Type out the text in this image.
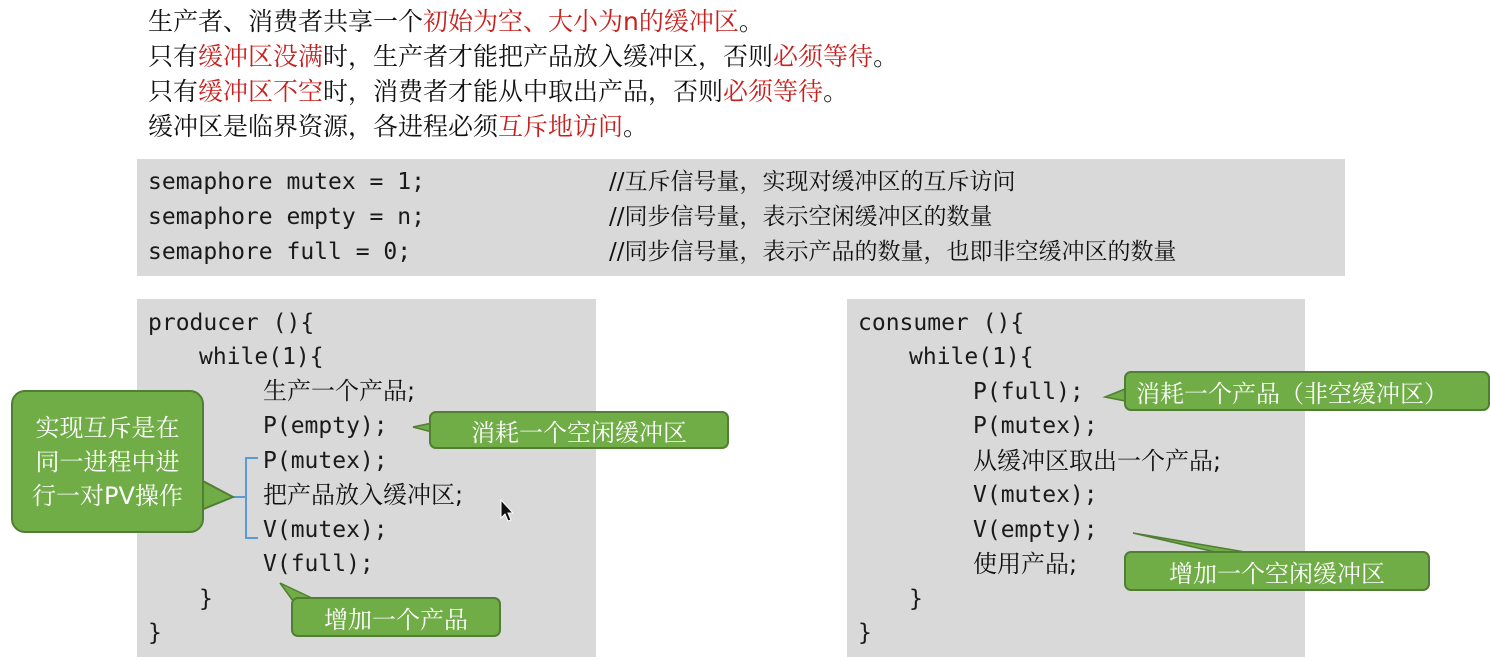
生产者、消费者共享一个初始为空、大小为n的缓冲区。
只有缓冲区没满时，生产者才能把产品放入缓冲区，否则必须等待。
只有缓冲区不空时，消费者才能从中取出产品，否则必须等待。
缓冲区是临界资源，各进程必须互斥地访问。
semaphore mutex = 1;	//互斥信号量，实现对缓冲区的互斥访问
semaphore empty = n;	//同步信号量，表示空闲缓冲区的数量
semaphore full = 0;	//同步信号量，表示产品的数量，也即非空缓冲区的数量
producer (){
while(1){
生产一个产品;
P(empty);
P(mutex);
把产品放入缓冲区;
V(mutex);
V(full);
}
}
consumer (){
while(1){
P(full);
P(mutex);
从缓冲区取出一个产品;
V(mutex);
V(empty);
使用产品;
}
}
实现互斥是在同一进程中进行一对PV操作
消耗一个空闲缓冲区
增加一个产品
消耗一个产品（非空缓冲区）
增加一个空闲缓冲区
